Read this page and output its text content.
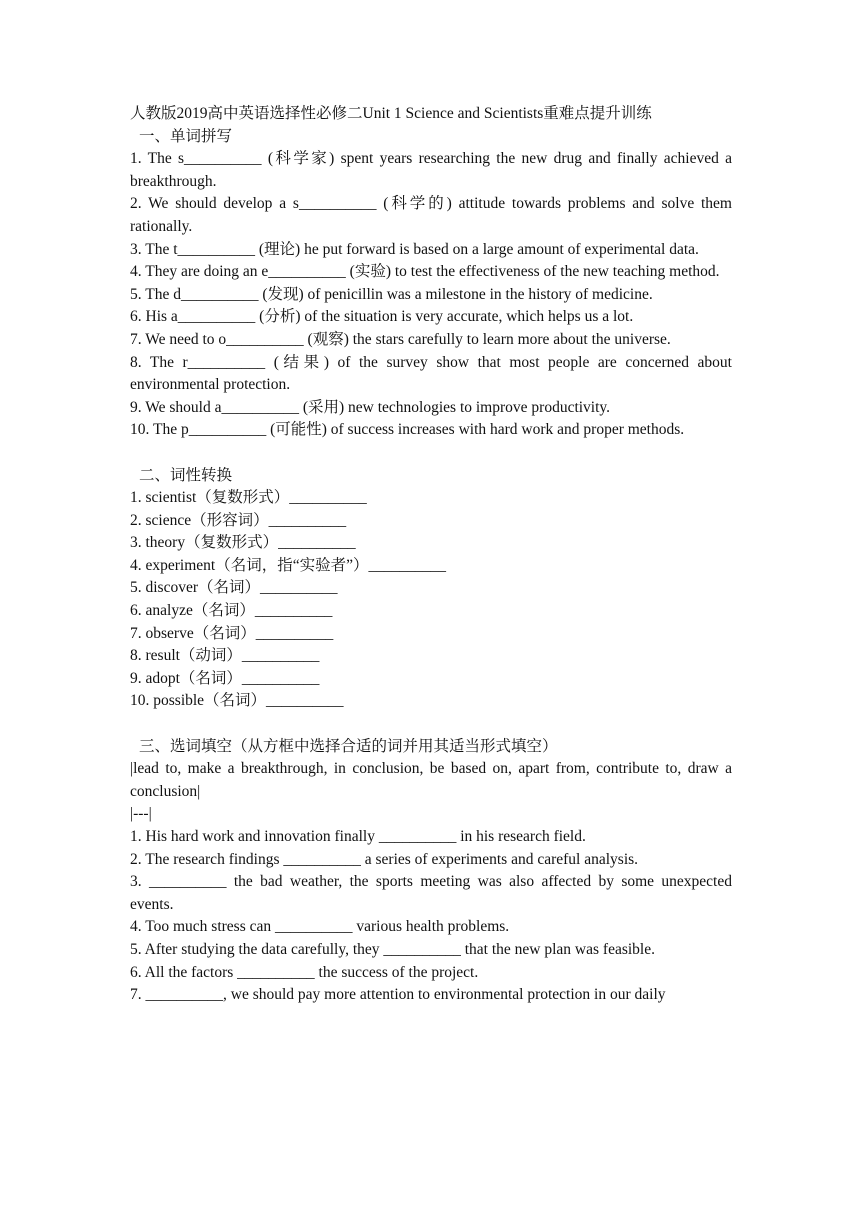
人教版2019高中英语选择性必修二Unit 1 Science and Scientists重难点提升训练

一、单词拼写

1. The s__________ (科学家) spent years researching the new drug and finally achieved a breakthrough.

2. We should develop a s__________ (科学的) attitude towards problems and solve them rationally.

3. The t__________ (理论) he put forward is based on a large amount of experimental data.

4. They are doing an e__________ (实验) to test the effectiveness of the new teaching method.

5. The d__________ (发现) of penicillin was a milestone in the history of medicine.

6. His a__________ (分析) of the situation is very accurate, which helps us a lot.

7. We need to o__________ (观察) the stars carefully to learn more about the universe.

8. The r__________ (结果) of the survey show that most people are concerned about environmental protection.

9. We should a__________ (采用) new technologies to improve productivity.

10. The p__________ (可能性) of success increases with hard work and proper methods.

二、词性转换

1. scientist（复数形式）__________

2. science（形容词）__________

3. theory（复数形式）__________

4. experiment（名词，指“实验者”）__________

5. discover（名词）__________

6. analyze（名词）__________

7. observe（名词）__________

8. result（动词）__________

9. adopt（名词）__________

10. possible（名词）__________

三、选词填空（从方框中选择合适的词并用其适当形式填空）

|lead to, make a breakthrough, in conclusion, be based on, apart from, contribute to, draw a conclusion|

|---|

1. His hard work and innovation finally __________ in his research field.

2. The research findings __________ a series of experiments and careful analysis.

3. __________ the bad weather, the sports meeting was also affected by some unexpected events.

4. Too much stress can __________ various health problems.

5. After studying the data carefully, they __________ that the new plan was feasible.

6. All the factors __________ the success of the project.

7. __________, we should pay more attention to environmental protection in our daily
